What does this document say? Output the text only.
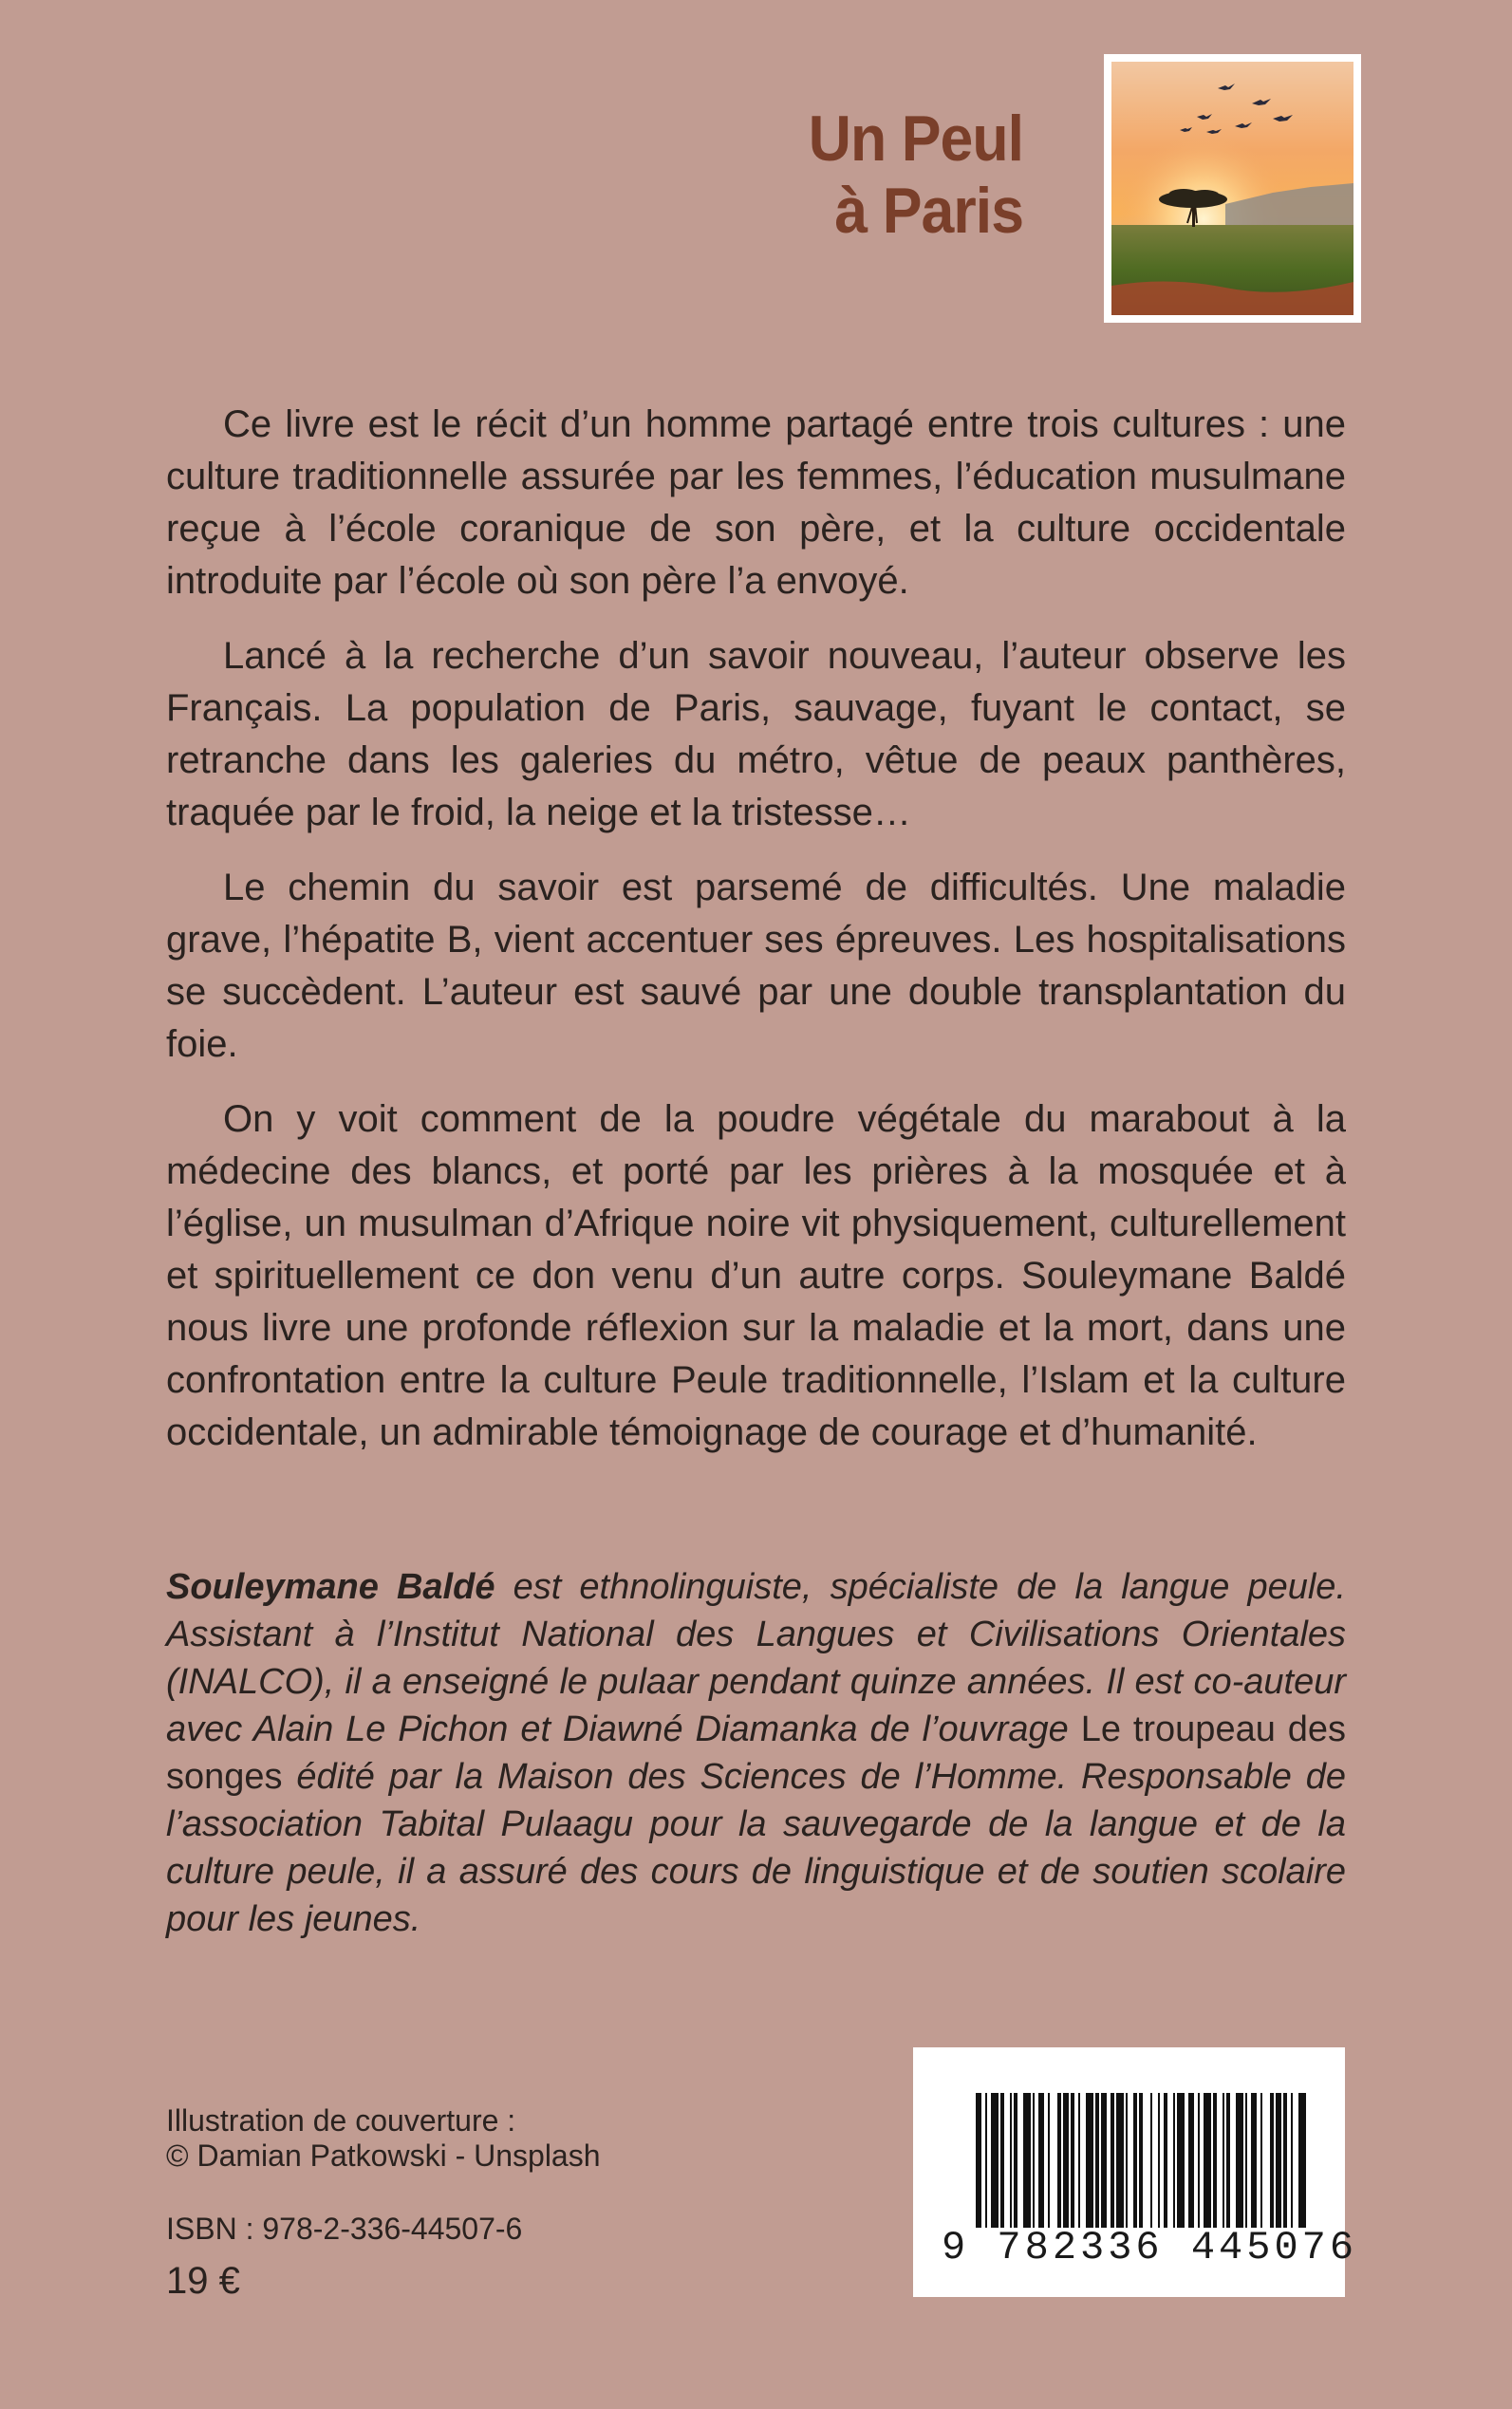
Un Peul
à Paris

Ce livre est le récit d’un homme partagé entre trois cultures : une culture traditionnelle assurée par les femmes, l’éducation musulmane reçue à l’école coranique de son père, et la culture occidentale introduite par l’école où son père l’a envoyé.

Lancé à la recherche d’un savoir nouveau, l’auteur observe les Français. La population de Paris, sauvage, fuyant le contact, se retranche dans les galeries du métro, vêtue de peaux panthères, traquée par le froid, la neige et la tristesse…

Le chemin du savoir est parsemé de difficultés. Une maladie grave, l’hépatite B, vient accentuer ses épreuves. Les hospitalisations se succèdent. L’auteur est sauvé par une double transplantation du foie.

On y voit comment de la poudre végétale du marabout à la médecine des blancs, et porté par les prières à la mosquée et à l’église, un musulman d’Afrique noire vit physiquement, culturellement et spirituellement ce don venu d’un autre corps. Souleymane Baldé nous livre une profonde réflexion sur la maladie et la mort, dans une confrontation entre la culture Peule traditionnelle, l’Islam et la culture occidentale, un admirable témoignage de courage et d’humanité.

Souleymane Baldé est ethnolinguiste, spécialiste de la langue peule. Assistant à l’Institut National des Langues et Civilisations Orientales (INALCO), il a enseigné le pulaar pendant quinze années. Il est co-auteur avec Alain Le Pichon et Diawné Diamanka de l’ouvrage Le troupeau des songes édité par la Maison des Sciences de l’Homme. Responsable de l’association Tabital Pulaagu pour la sauvegarde de la langue et de la culture peule, il a assuré des cours de linguistique et de soutien scolaire pour les jeunes.

Illustration de couverture :
© Damian Patkowski - Unsplash
ISBN : 978-2-336-44507-6
19 €
9 782336 445076
